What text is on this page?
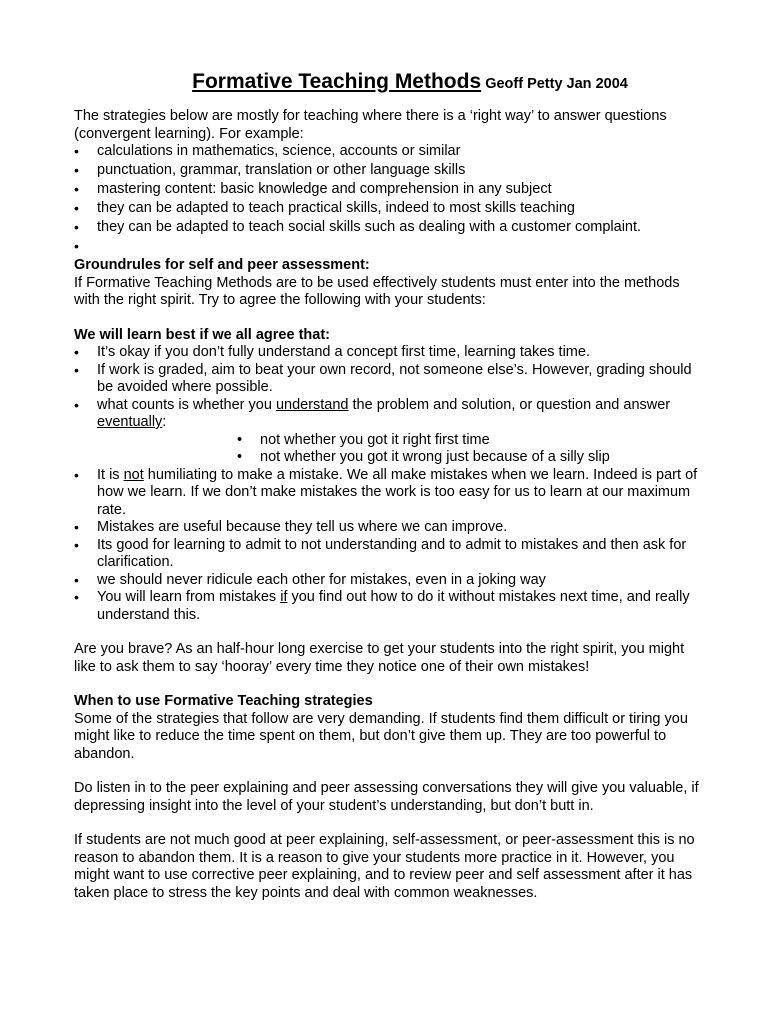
Formative Teaching Methods Geoff Petty Jan 2004

The strategies below are mostly for teaching where there is a ‘right way’ to answer questions (convergent learning). For example:

• calculations in mathematics, science, accounts or similar
• punctuation, grammar, translation or other language skills
• mastering content: basic knowledge and comprehension in any subject
• they can be adapted to teach practical skills, indeed to most skills teaching
• they can be adapted to teach social skills such as dealing with a customer complaint.
•

Groundrules for self and peer assessment:

If Formative Teaching Methods are to be used effectively students must enter into the methods with the right spirit. Try to agree the following with your students:

We will learn best if we all agree that:

• It’s okay if you don’t fully understand a concept first time, learning takes time.
• If work is graded, aim to beat your own record, not someone else’s. However, grading should be avoided where possible.
• what counts is whether you understand the problem and solution, or question and answer eventually:
• not whether you got it right first time
• not whether you got it wrong just because of a silly slip
• It is not humiliating to make a mistake. We all make mistakes when we learn. Indeed is part of how we learn. If we don’t make mistakes the work is too easy for us to learn at our maximum rate.
• Mistakes are useful because they tell us where we can improve.
• Its good for learning to admit to not understanding and to admit to mistakes and then ask for clarification.
• we should never ridicule each other for mistakes, even in a joking way
• You will learn from mistakes if you find out how to do it without mistakes next time, and really understand this.

Are you brave? As an half-hour long exercise to get your students into the right spirit, you might like to ask them to say ‘hooray’ every time they notice one of their own mistakes!

When to use Formative Teaching strategies

Some of the strategies that follow are very demanding. If students find them difficult or tiring you might like to reduce the time spent on them, but don’t give them up. They are too powerful to abandon.

Do listen in to the peer explaining and peer assessing conversations they will give you valuable, if depressing insight into the level of your student’s understanding, but don’t butt in.

If students are not much good at peer explaining, self-assessment, or peer-assessment this is no reason to abandon them. It is a reason to give your students more practice in it. However, you might want to use corrective peer explaining, and to review peer and self assessment after it has taken place to stress the key points and deal with common weaknesses.
